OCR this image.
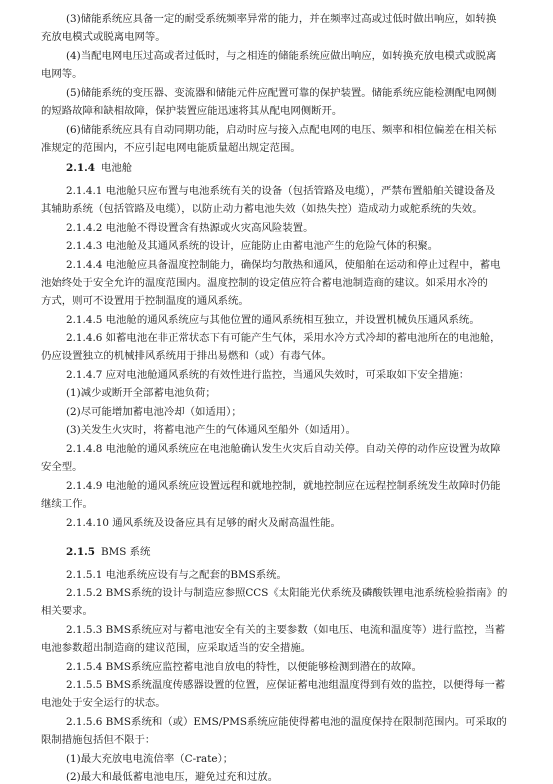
(3)储能系统应具备一定的耐受系统频率异常的能力，并在频率过高或过低时做出响应，如转换
充放电模式或脱离电网等。
(4)当配电网电压过高或者过低时，与之相连的储能系统应做出响应，如转换充放电模式或脱离
电网等。
(5)储能系统的变压器、变流器和储能元件应配置可靠的保护装置。储能系统应能检测配电网侧
的短路故障和缺相故障，保护装置应能迅速将其从配电网侧断开。
(6)储能系统应具有自动同期功能，启动时应与接入点配电网的电压、频率和相位偏差在相关标
准规定的范围内，不应引起电网电能质量超出规定范围。
2.1.4 电池舱
2.1.4.1 电池舱只应布置与电池系统有关的设备（包括管路及电缆），严禁布置船舶关键设备及
其辅助系统（包括管路及电缆），以防止动力蓄电池失效（如热失控）造成动力或舵系统的失效。
2.1.4.2 电池舱不得设置含有热源或火灾高风险装置。
2.1.4.3 电池舱及其通风系统的设计，应能防止由蓄电池产生的危险气体的积聚。
2.1.4.4 电池舱应具备温度控制能力，确保均匀散热和通风，使船舶在运动和停止过程中，蓄电
池始终处于安全允许的温度范围内。温度控制的设定值应符合蓄电池制造商的建议。如采用水冷的
方式，则可不设置用于控制温度的通风系统。
2.1.4.5 电池舱的通风系统应与其他位置的通风系统相互独立，并设置机械负压通风系统。
2.1.4.6 如蓄电池在非正常状态下有可能产生气体，采用水冷方式冷却的蓄电池所在的电池舱，
仍应设置独立的机械排风系统用于排出易燃和（或）有毒气体。
2.1.4.7 应对电池舱通风系统的有效性进行监控，当通风失效时，可采取如下安全措施：
(1)减少或断开全部蓄电池负荷；
(2)尽可能增加蓄电池冷却（如适用）；
(3)关发生火灾时，将蓄电池产生的气体通风至船外（如适用）。
2.1.4.8 电池舱的通风系统应在电池舱确认发生火灾后自动关停。自动关停的动作应设置为故障
安全型。
2.1.4.9 电池舱的通风系统应设置远程和就地控制，就地控制应在远程控制系统发生故障时仍能
继续工作。
2.1.4.10 通风系统及设备应具有足够的耐火及耐高温性能。
2.1.5 BMS 系统
2.1.5.1 电池系统应设有与之配套的BMS系统。
2.1.5.2 BMS系统的设计与制造应参照CCS《太阳能光伏系统及磷酸铁锂电池系统检验指南》的
相关要求。
2.1.5.3 BMS系统应对与蓄电池安全有关的主要参数（如电压、电流和温度等）进行监控，当蓄
电池参数超出制造商的建议范围，应采取适当的安全措施。
2.1.5.4 BMS系统应监控蓄电池自放电的特性，以便能够检测到潜在的故障。
2.1.5.5 BMS系统温度传感器设置的位置，应保证蓄电池组温度得到有效的监控，以便得每一蓄
电池处于安全运行的状态。
2.1.5.6 BMS系统和（或）EMS/PMS系统应能使得蓄电池的温度保持在限制范围内。可采取的
限制措施包括但不限于：
(1)最大充放电电流倍率（C-rate）；
(2)最大和最低蓄电池电压，避免过充和过放。
